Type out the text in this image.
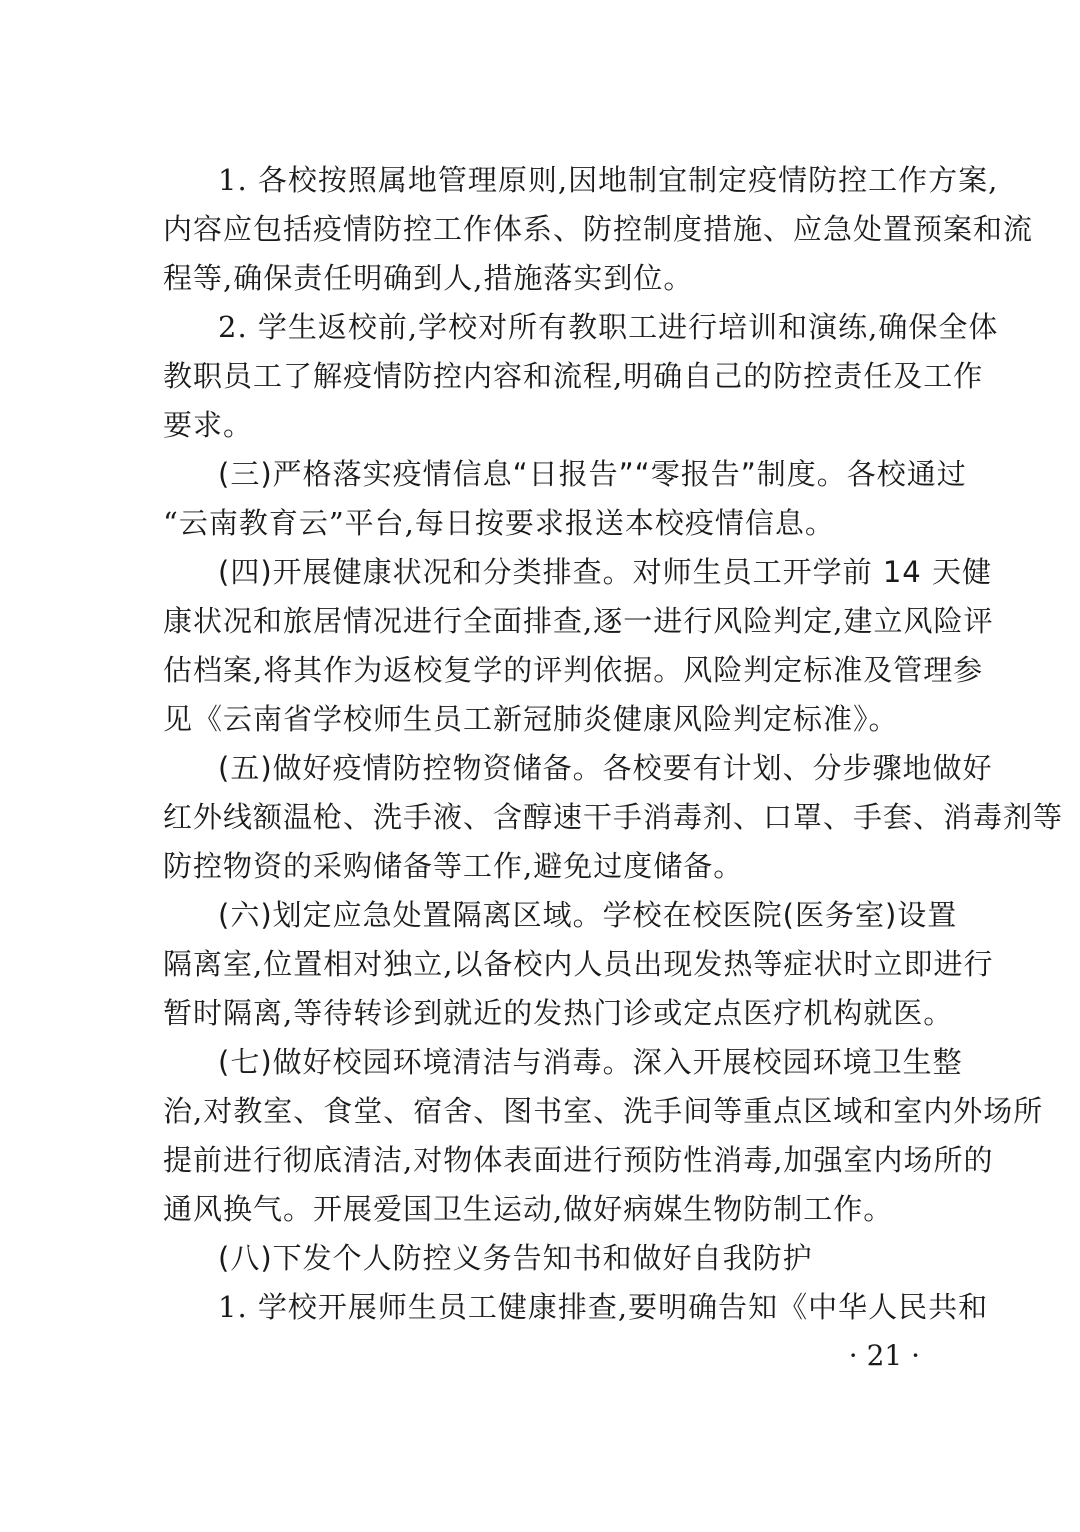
1. 各校按照属地管理原则,因地制宜制定疫情防控工作方案,
内容应包括疫情防控工作体系、防控制度措施、应急处置预案和流
程等,确保责任明确到人,措施落实到位。
2. 学生返校前,学校对所有教职工进行培训和演练,确保全体
教职员工了解疫情防控内容和流程,明确自己的防控责任及工作
要求。
(三)严格落实疫情信息“日报告”“零报告”制度。各校通过
“云南教育云”平台,每日按要求报送本校疫情信息。
(四)开展健康状况和分类排查。对师生员工开学前 14 天健
康状况和旅居情况进行全面排查,逐一进行风险判定,建立风险评
估档案,将其作为返校复学的评判依据。风险判定标准及管理参
见《云南省学校师生员工新冠肺炎健康风险判定标准》。
(五)做好疫情防控物资储备。各校要有计划、分步骤地做好
红外线额温枪、洗手液、含醇速干手消毒剂、口罩、手套、消毒剂等
防控物资的采购储备等工作,避免过度储备。
(六)划定应急处置隔离区域。学校在校医院(医务室)设置
隔离室,位置相对独立,以备校内人员出现发热等症状时立即进行
暂时隔离,等待转诊到就近的发热门诊或定点医疗机构就医。
(七)做好校园环境清洁与消毒。深入开展校园环境卫生整
治,对教室、食堂、宿舍、图书室、洗手间等重点区域和室内外场所
提前进行彻底清洁,对物体表面进行预防性消毒,加强室内场所的
通风换气。开展爱国卫生运动,做好病媒生物防制工作。
(八)下发个人防控义务告知书和做好自我防护
1. 学校开展师生员工健康排查,要明确告知《中华人民共和
· 21 ·
